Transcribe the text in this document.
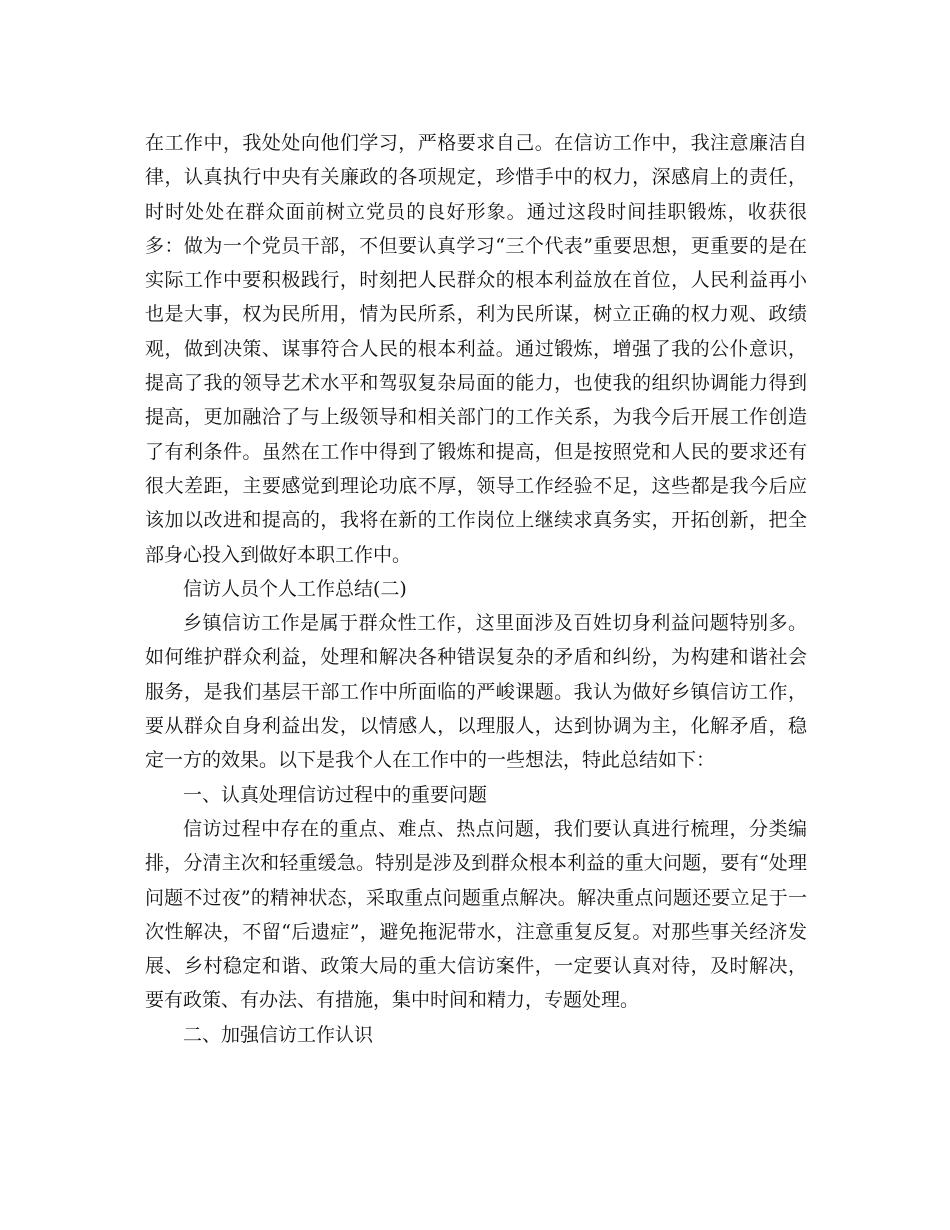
在工作中，我处处向他们学习，严格要求自己。在信访工作中，我注意廉洁自律，认真执行中央有关廉政的各项规定，珍惜手中的权力，深感肩上的责任，时时处处在群众面前树立党员的良好形象。通过这段时间挂职锻炼，收获很多：做为一个党员干部，不但要认真学习“三个代表”重要思想，更重要的是在实际工作中要积极践行，时刻把人民群众的根本利益放在首位，人民利益再小也是大事，权为民所用，情为民所系，利为民所谋，树立正确的权力观、政绩观，做到决策、谋事符合人民的根本利益。通过锻炼，增强了我的公仆意识，提高了我的领导艺术水平和驾驭复杂局面的能力，也使我的组织协调能力得到提高，更加融洽了与上级领导和相关部门的工作关系，为我今后开展工作创造了有利条件。虽然在工作中得到了锻炼和提高，但是按照党和人民的要求还有很大差距，主要感觉到理论功底不厚，领导工作经验不足，这些都是我今后应该加以改进和提高的，我将在新的工作岗位上继续求真务实，开拓创新，把全部身心投入到做好本职工作中。

信访人员个人工作总结(二)

乡镇信访工作是属于群众性工作，这里面涉及百姓切身利益问题特别多。如何维护群众利益，处理和解决各种错误复杂的矛盾和纠纷，为构建和谐社会服务，是我们基层干部工作中所面临的严峻课题。我认为做好乡镇信访工作，要从群众自身利益出发，以情感人，以理服人，达到协调为主，化解矛盾，稳定一方的效果。以下是我个人在工作中的一些想法，特此总结如下：

一、认真处理信访过程中的重要问题

信访过程中存在的重点、难点、热点问题，我们要认真进行梳理，分类编排，分清主次和轻重缓急。特别是涉及到群众根本利益的重大问题，要有“处理问题不过夜”的精神状态，采取重点问题重点解决。解决重点问题还要立足于一次性解决，不留“后遗症”，避免拖泥带水，注意重复反复。对那些事关经济发展、乡村稳定和谐、政策大局的重大信访案件，一定要认真对待，及时解决，要有政策、有办法、有措施，集中时间和精力，专题处理。

二、加强信访工作认识
